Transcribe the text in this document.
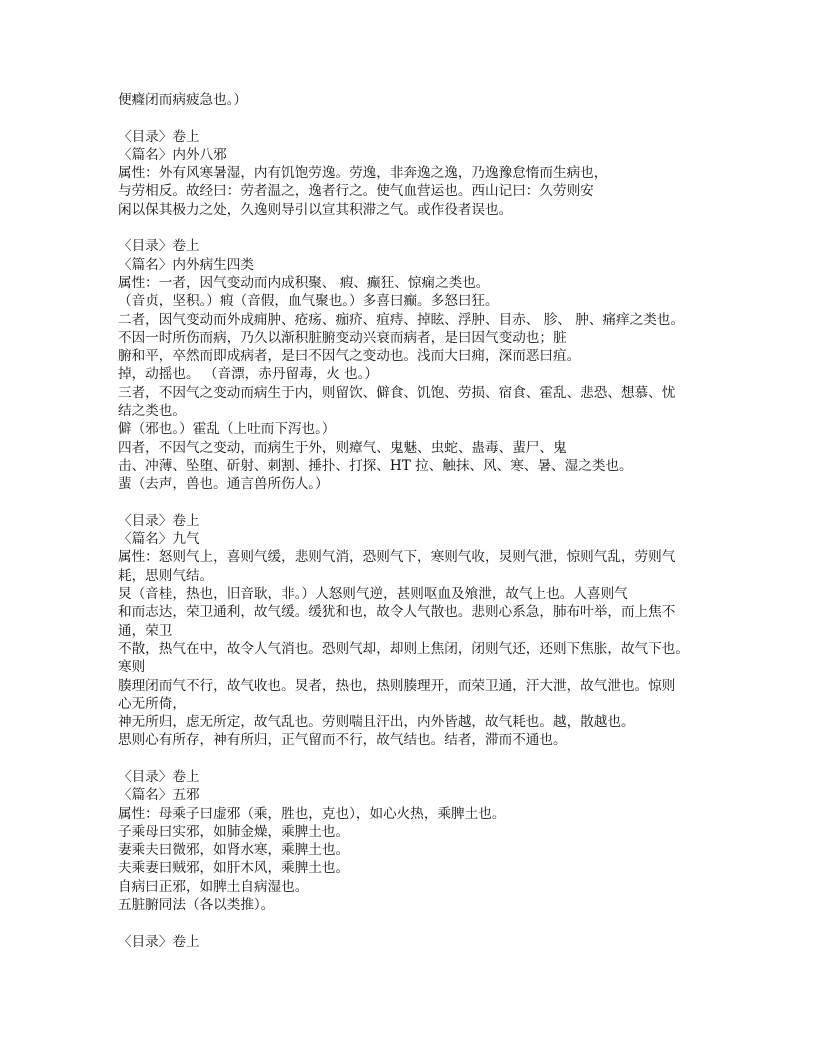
便癃闭而病疲急也。）
〈目录〉卷上
〈篇名〉内外八邪
属性：外有风寒暑湿，内有饥饱劳逸。劳逸，非奔逸之逸，乃逸豫怠惰而生病也，
与劳相反。故经曰：劳者温之，逸者行之。使气血营运也。西山记曰：久劳则安
闲以保其极力之处，久逸则导引以宣其积滞之气。或作役者误也。
〈目录〉卷上
〈篇名〉内外病生四类
属性：一者，因气变动而内成积聚、 瘕、癫狂、惊痫之类也。
（音贞，坚积。）瘕（音假，血气聚也。）多喜曰癫。多怒曰狂。
二者，因气变动而外成痈肿、疮疡、痂疥、疽痔、掉眩、浮肿、目赤、 胗、 肿、痛痒之类也。
不因一时所伤而病，乃久以渐积脏腑变动兴衰而病者，是曰因气变动也；脏
腑和平，卒然而即成病者，是曰不因气之变动也。浅而大曰痈，深而恶曰疽。
掉，动摇也。 （音漂，赤丹留毒，火 也。）
三者，不因气之变动而病生于内，则留饮、僻食、饥饱、劳损、宿食、霍乱、悲恐、想慕、忧
结之类也。
僻（邪也。）霍乱（上吐而下泻也。）
四者，不因气之变动，而病生于外，则瘴气、鬼魅、虫蛇、蛊毒、蜚尸、鬼
击、冲薄、坠堕、斫射、刺割、捶扑、打探、HT 拉、触抹、风、寒、暑、湿之类也。
蜚（去声，兽也。通言兽所伤人。）
〈目录〉卷上
〈篇名〉九气
属性：怒则气上，喜则气缓，悲则气消，恐则气下，寒则气收，炅则气泄，惊则气乱，劳则气
耗，思则气结。
炅（音桂，热也，旧音耿，非。）人怒则气逆，甚则呕血及飧泄，故气上也。人喜则气
和而志达，荣卫通利，故气缓。缓犹和也，故令人气散也。悲则心系急，肺布叶举，而上焦不
通，荣卫
不散，热气在中，故令人气消也。恐则气却，却则上焦闭，闭则气还，还则下焦胀，故气下也。
寒则
腠理闭而气不行，故气收也。炅者，热也，热则腠理开，而荣卫通，汗大泄，故气泄也。惊则
心无所倚，
神无所归，虑无所定，故气乱也。劳则喘且汗出，内外皆越，故气耗也。越，散越也。
思则心有所存，神有所归，正气留而不行，故气结也。结者，滞而不通也。
〈目录〉卷上
〈篇名〉五邪
属性：母乘子曰虚邪（乘，胜也，克也），如心火热，乘脾土也。
子乘母曰实邪，如肺金燥，乘脾土也。
妻乘夫曰微邪，如肾水寒，乘脾土也。
夫乘妻曰贼邪，如肝木风，乘脾土也。
自病曰正邪，如脾土自病湿也。
五脏腑同法（各以类推）。
〈目录〉卷上
